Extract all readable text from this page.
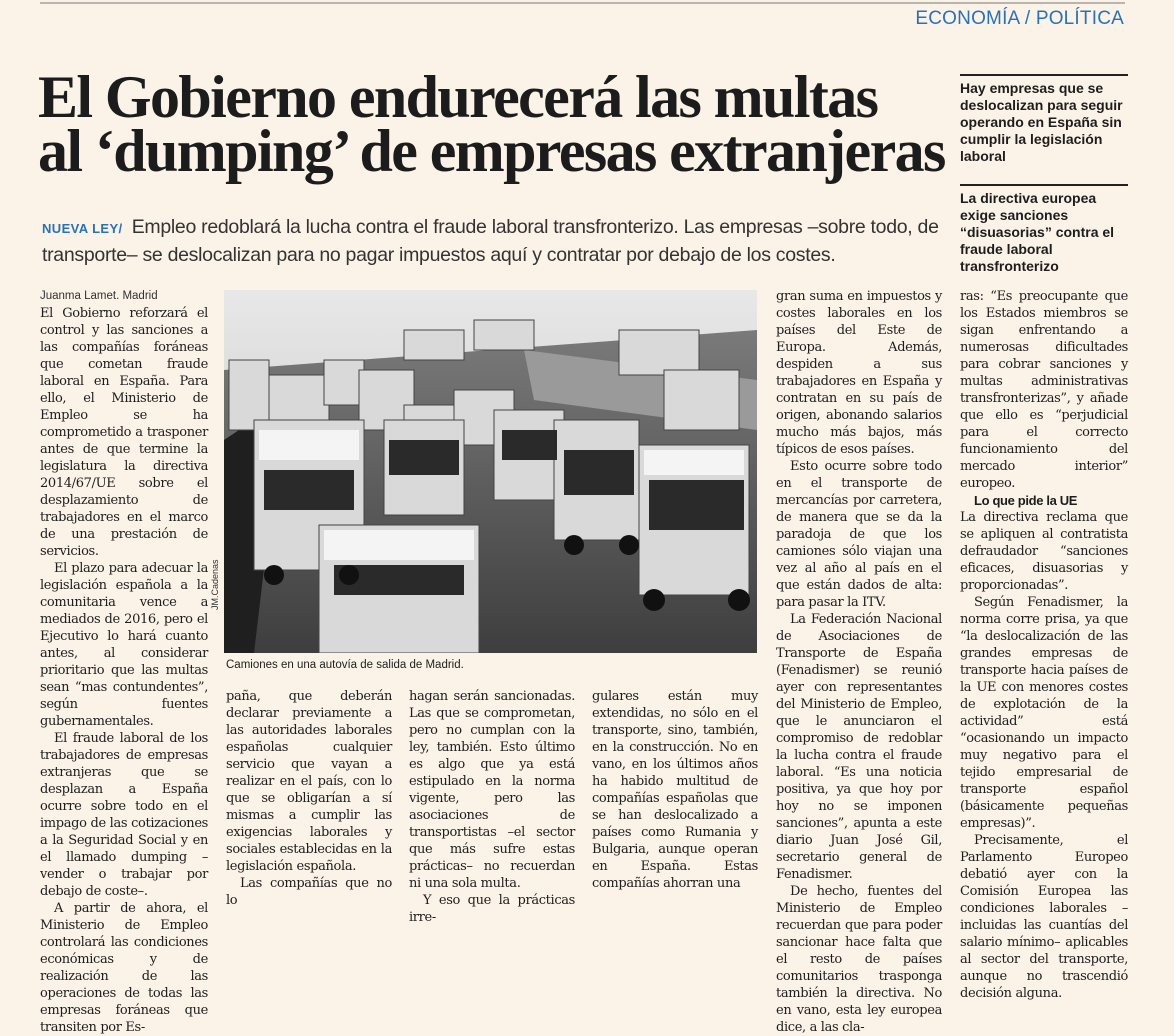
ECONOMÍA / POLÍTICA
El Gobierno endurecerá las multas
al ‘dumping’ de empresas extranjeras
NUEVA LEY/ Empleo redoblará la lucha contra el fraude laboral transfronterizo. Las empresas –sobre todo, de transporte– se deslocalizan para no pagar impuestos aquí y contratar por debajo de los costes.
Hay empresas que se deslocalizan para seguir operando en España sin cumplir la legislación laboral
La directiva europea exige sanciones “disuasorias” contra el fraude laboral transfronterizo
Juanma Lamet. Madrid

El Gobierno reforzará el control y las sanciones a las compañías foráneas que cometan fraude laboral en España. Para ello, el Ministerio de Empleo se ha comprometido a trasponer antes de que termine la legislatura la directiva 2014/67/UE sobre el desplazamiento de trabajadores en el marco de una prestación de servicios.

El plazo para adecuar la legislación española a la comunitaria vence a mediados de 2016, pero el Ejecutivo lo hará cuanto antes, al considerar prioritario que las multas sean “mas contundentes”, según fuentes gubernamentales.

El fraude laboral de los trabajadores de empresas extranjeras que se desplazan a España ocurre sobre todo en el impago de las cotizaciones a la Seguridad Social y en el llamado dumping –vender o trabajar por debajo de coste–.

A partir de ahora, el Ministerio de Empleo controlará las condiciones económicas y de realización de las operaciones de todas las empresas foráneas que transiten por Es-

JM.Cadenas
Camiones en una autovía de salida de Madrid.

paña, que deberán declarar previamente a las autoridades laborales españolas cualquier servicio que vayan a realizar en el país, con lo que se obligarían a sí mismas a cumplir las exigencias laborales y sociales establecidas en la legislación española.

Las compañías que no lo

hagan serán sancionadas. Las que se comprometan, pero no cumplan con la ley, también. Esto último es algo que ya está estipulado en la norma vigente, pero las asociaciones de transportistas –el sector que más sufre estas prácticas– no recuerdan ni una sola multa.

Y eso que la prácticas irre-

gulares están muy extendidas, no sólo en el transporte, sino, también, en la construcción. No en vano, en los últimos años ha habido multitud de compañías españolas que se han deslocalizado a países como Rumania y Bulgaria, aunque operan en España. Estas compañías ahorran una

gran suma en impuestos y costes laborales en los países del Este de Europa. Además, despiden a sus trabajadores en España y contratan en su país de origen, abonando salarios mucho más bajos, más típicos de esos países.

Esto ocurre sobre todo en el transporte de mercancías por carretera, de manera que se da la paradoja de que los camiones sólo viajan una vez al año al país en el que están dados de alta: para pasar la ITV.

La Federación Nacional de Asociaciones de Transporte de España (Fenadismer) se reunió ayer con representantes del Ministerio de Empleo, que le anunciaron el compromiso de redoblar la lucha contra el fraude laboral. “Es una noticia positiva, ya que hoy por hoy no se imponen sanciones”, apunta a este diario Juan José Gil, secretario general de Fenadismer.

De hecho, fuentes del Ministerio de Empleo recuerdan que para poder sancionar hace falta que el resto de países comunitarios trasponga también la directiva. No en vano, esta ley europea dice, a las cla-

ras: “Es preocupante que los Estados miembros se sigan enfrentando a numerosas dificultades para cobrar sanciones y multas administrativas transfronterizas”, y añade que ello es “perjudicial para el correcto funcionamiento del mercado interior” europeo.

Lo que pide la UE

La directiva reclama que se apliquen al contratista defraudador “sanciones eficaces, disuasorias y proporcionadas”.

Según Fenadismer, la norma corre prisa, ya que “la deslocalización de las grandes empresas de transporte hacia países de la UE con menores costes de explotación de la actividad” está “ocasionando un impacto muy negativo para el tejido empresarial de transporte español (básicamente pequeñas empresas)”.

Precisamente, el Parlamento Europeo debatió ayer con la Comisión Europea las condiciones laborales –incluidas las cuantías del salario mínimo– aplicables al sector del transporte, aunque no trascendió decisión alguna.
